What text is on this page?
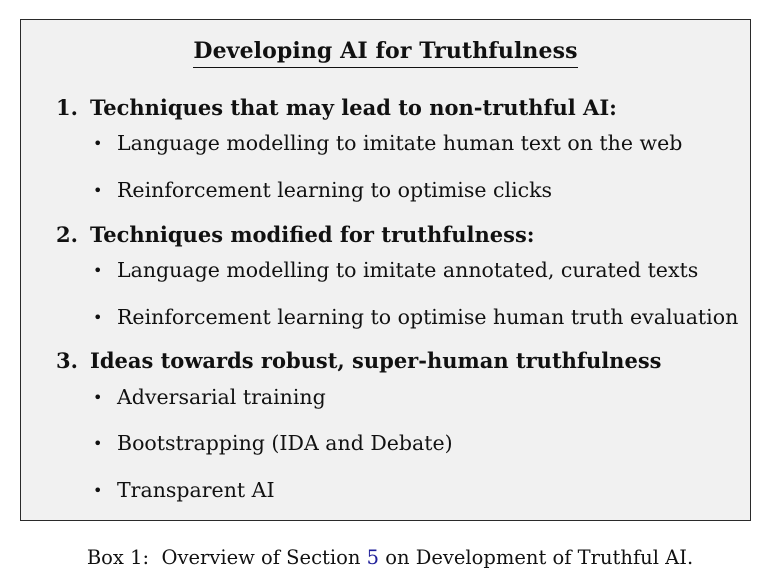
Developing AI for Truthfulness
1. Techniques that may lead to non-truthful AI:
• Language modelling to imitate human text on the web
• Reinforcement learning to optimise clicks
2. Techniques modified for truthfulness:
• Language modelling to imitate annotated, curated texts
• Reinforcement learning to optimise human truth evaluation
3. Ideas towards robust, super-human truthfulness
• Adversarial training
• Bootstrapping (IDA and Debate)
• Transparent AI
Box 1:  Overview of Section 5 on Development of Truthful AI.
